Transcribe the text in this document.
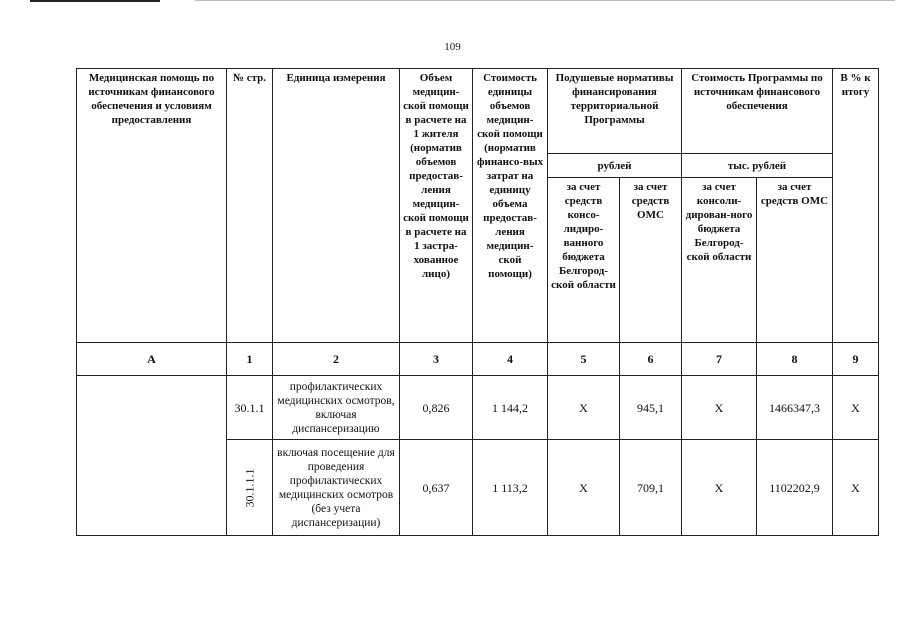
109
Медицинская помощь по источникам финансового обеспечения и условиям предоставления	№ стр.	Единица измерения	Объем медицин-ской помощи в расчете на 1 жителя (норматив объемов предостав-ления медицин-ской помощи в расчете на 1 застра-хованное лицо)	Стоимость единицы объемов медицин-ской помощи (норматив финансо-вых затрат на единицу объема предостав-ления медицин-ской помощи)	Подушевые нормативы финансирования территориальной Программы		Стоимость Программы по источникам финансового обеспечения		В % к итогу
					рублей		тыс. рублей		
					за счет средств консо-лидиро-ванного бюджета Белгород-ской области	за счет средств ОМС	за счет консоли-дирован-ного бюджета Белгород-ской области	за счет средств ОМС	
А	1	2	3	4	5	6	7	8	9
	30.1.1	профилактических медицинских осмотров, включая диспансеризацию	0,826	1 144,2	Х	945,1	Х	1466347,3	Х
	30.1.1.1	включая посещение для проведения профилактических медицинских осмотров (без учета диспансеризации)	0,637	1 113,2	Х	709,1	Х	1102202,9	Х
